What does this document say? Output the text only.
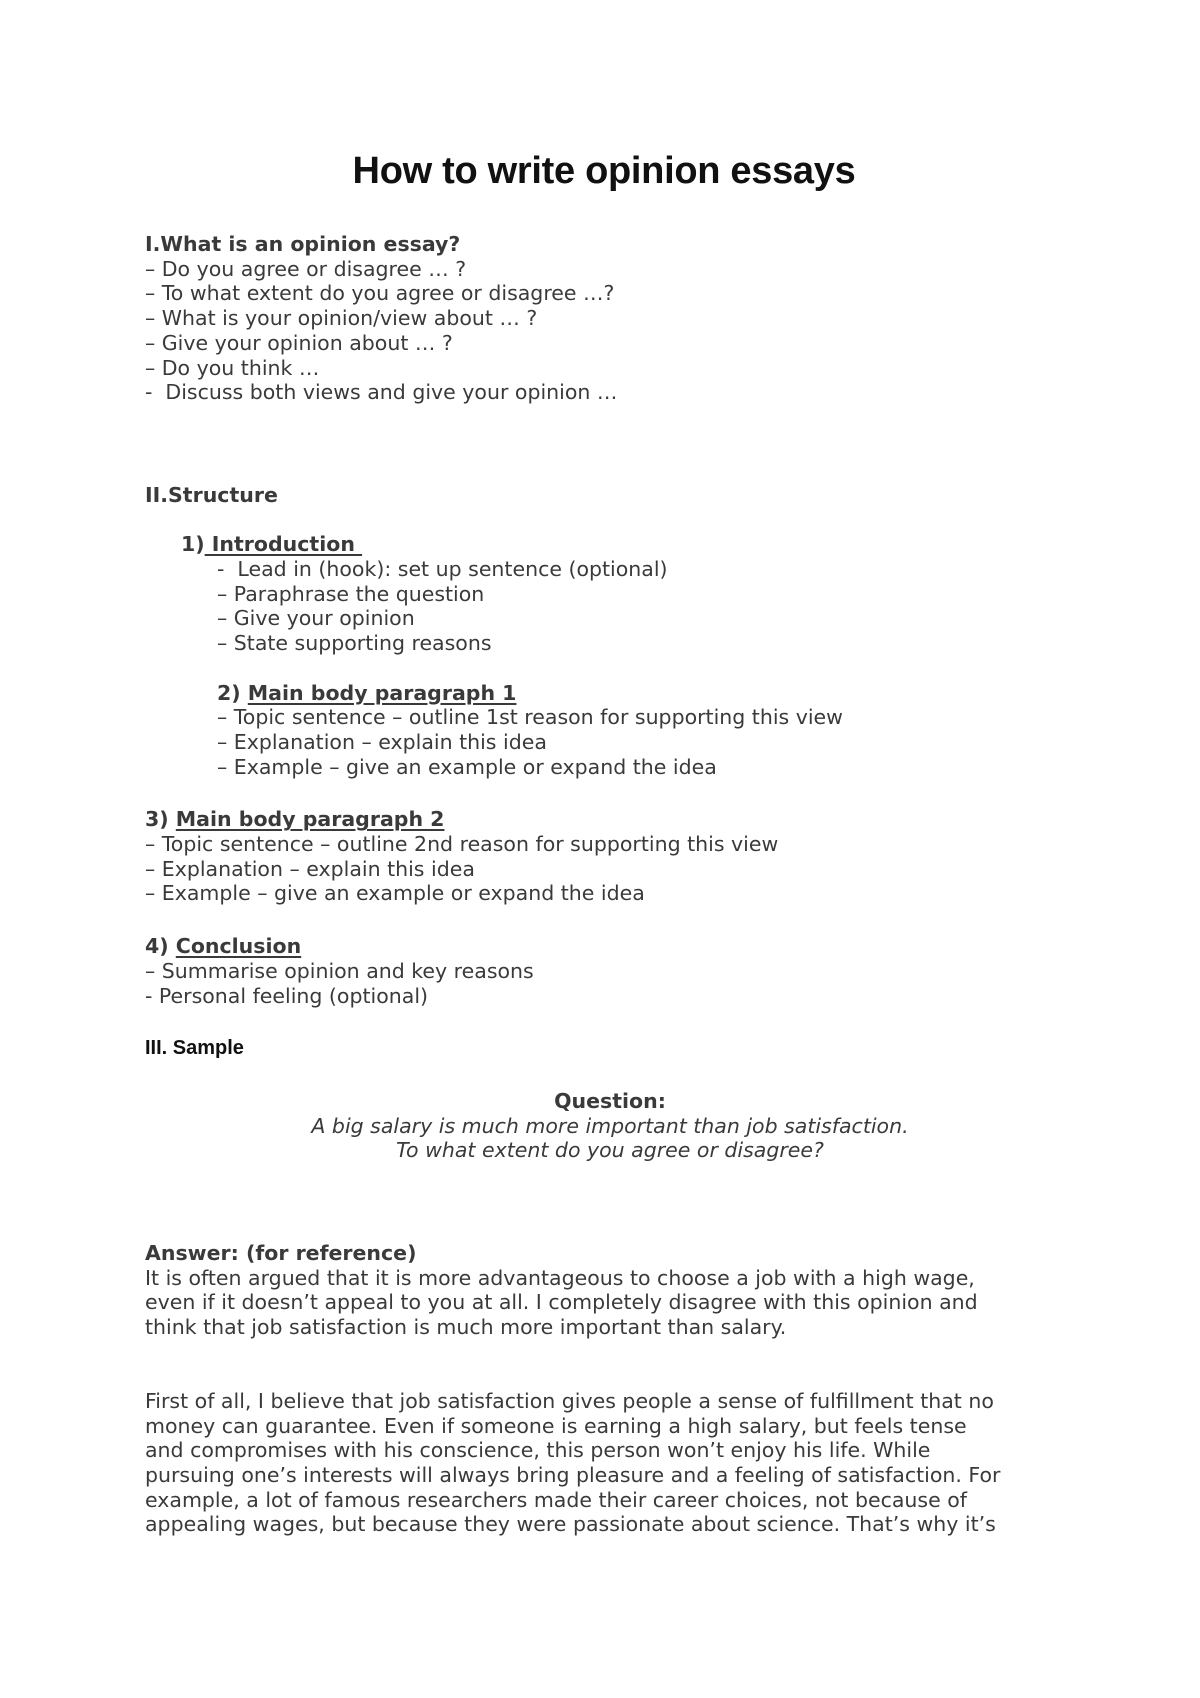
How to write opinion essays
I.What is an opinion essay?
– Do you agree or disagree … ?
– To what extent do you agree or disagree …?
– What is your opinion/view about … ?
– Give your opinion about … ?
– Do you think …
-  Discuss both views and give your opinion …
II.Structure
1) Introduction
-  Lead in (hook): set up sentence (optional)
– Paraphrase the question
– Give your opinion
– State supporting reasons
2) Main body paragraph 1
– Topic sentence – outline 1st reason for supporting this view
– Explanation – explain this idea
– Example – give an example or expand the idea
3) Main body paragraph 2
– Topic sentence – outline 2nd reason for supporting this view
– Explanation – explain this idea
– Example – give an example or expand the idea
4) Conclusion
– Summarise opinion and key reasons
- Personal feeling (optional)
III. Sample
Question:
A big salary is much more important than job satisfaction.
To what extent do you agree or disagree?
Answer: (for reference)
It is often argued that it is more advantageous to choose a job with a high wage,
even if it doesn’t appeal to you at all. I completely disagree with this opinion and
think that job satisfaction is much more important than salary.
First of all, I believe that job satisfaction gives people a sense of fulfillment that no
money can guarantee. Even if someone is earning a high salary, but feels tense
and compromises with his conscience, this person won’t enjoy his life. While
pursuing one’s interests will always bring pleasure and a feeling of satisfaction. For
example, a lot of famous researchers made their career choices, not because of
appealing wages, but because they were passionate about science. That’s why it’s
